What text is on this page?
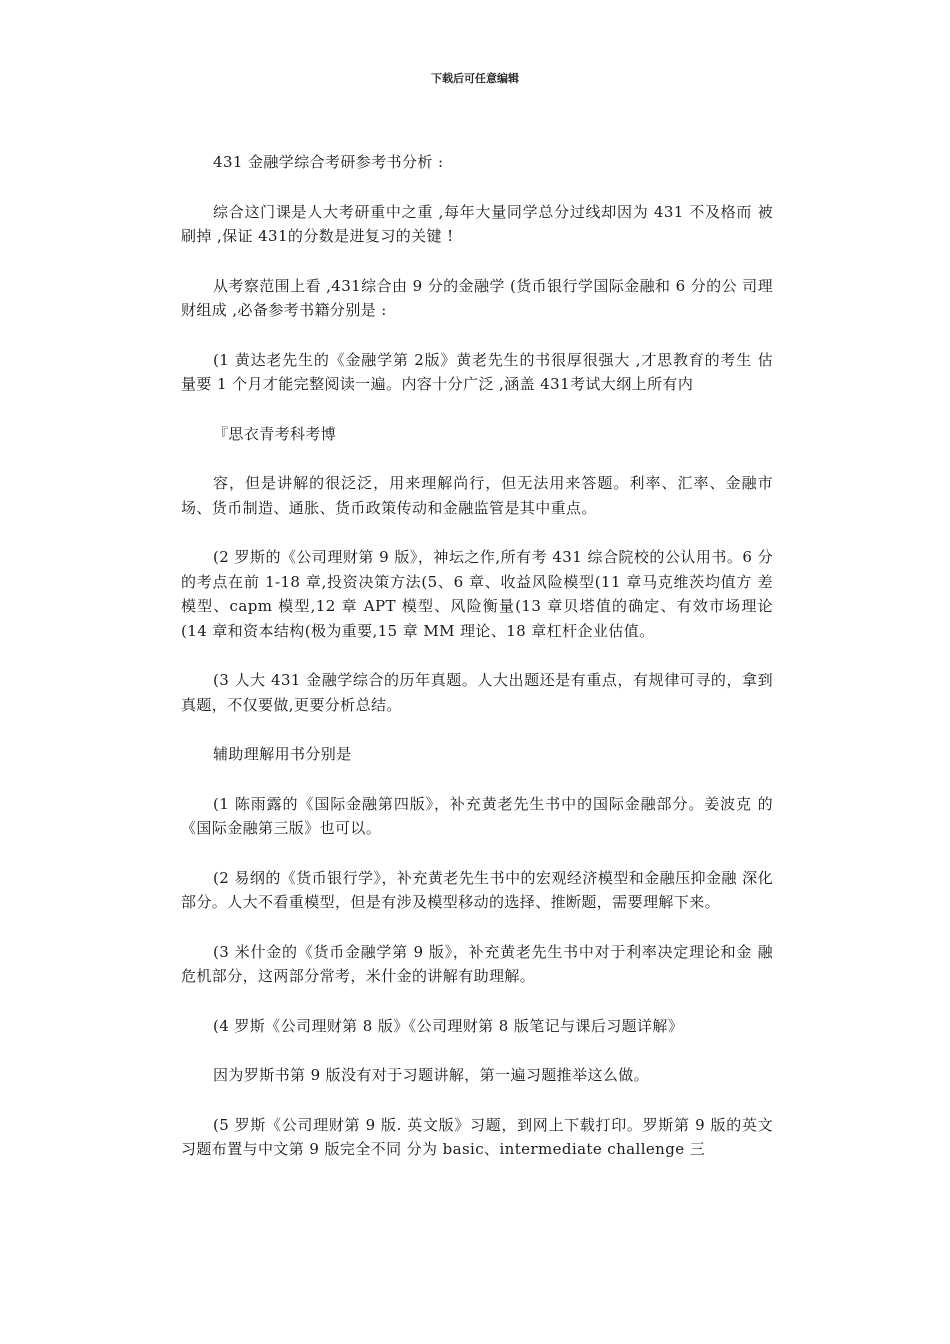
下载后可任意编辑

431 金融学综合考研参考书分析 :

综合这门课是人大考研重中之重 ,每年大量同学总分过线却因为 431 不及格而 被刷掉 ,保证 431的分数是进复习的关键 !

从考察范围上看 ,431综合由 9 分的金融学 (货币银行学国际金融和 6 分的公 司理财组成 ,必备参考书籍分别是 :

(1 黄达老先生的《金融学第 2版》黄老先生的书很厚很强大 ,才思教育的考生 估量要 1 个月才能完整阅读一遍。内容十分广泛 ,涵盖 431考试大纲上所有内

『思衣青考科考博

容，但是讲解的很泛泛，用来理解尚行，但无法用来答题。利率、汇率、金融市 场、货币制造、通胀、货币政策传动和金融监管是其中重点。

(2 罗斯的《公司理财第 9 版》，神坛之作,所有考 431 综合院校的公认用书。6 分的考点在前 1-18 章,投资决策方法(5、6 章、收益风险模型(11 章马克维茨均值方 差模型、capm 模型,12 章 APT 模型、风险衡量(13 章贝塔值的确定、有效市场理论 (14 章和资本结构(极为重要,15 章 MM 理论、18 章杠杆企业估值。

(3 人大 431 金融学综合的历年真题。人大出题还是有重点，有规律可寻的，拿到 真题，不仅要做,更要分析总结。

辅助理解用书分别是

(1 陈雨露的《国际金融第四版》，补充黄老先生书中的国际金融部分。姜波克 的《国际金融第三版》也可以。

(2 易纲的《货币银行学》，补充黄老先生书中的宏观经济模型和金融压抑金融 深化部分。人大不看重模型，但是有涉及模型移动的选择、推断题，需要理解下来。

(3 米什金的《货币金融学第 9 版》，补充黄老先生书中对于利率决定理论和金 融危机部分，这两部分常考，米什金的讲解有助理解。

(4 罗斯《公司理财第 8 版》《公司理财第 8 版笔记与课后习题详解》

因为罗斯书第 9 版没有对于习题讲解，第一遍习题推举这么做。

(5 罗斯《公司理财第 9 版. 英文版》习题，到网上下载打印。罗斯第 9 版的英文 习题布置与中文第 9 版完全不同 分为 basic、intermediate challenge 三
